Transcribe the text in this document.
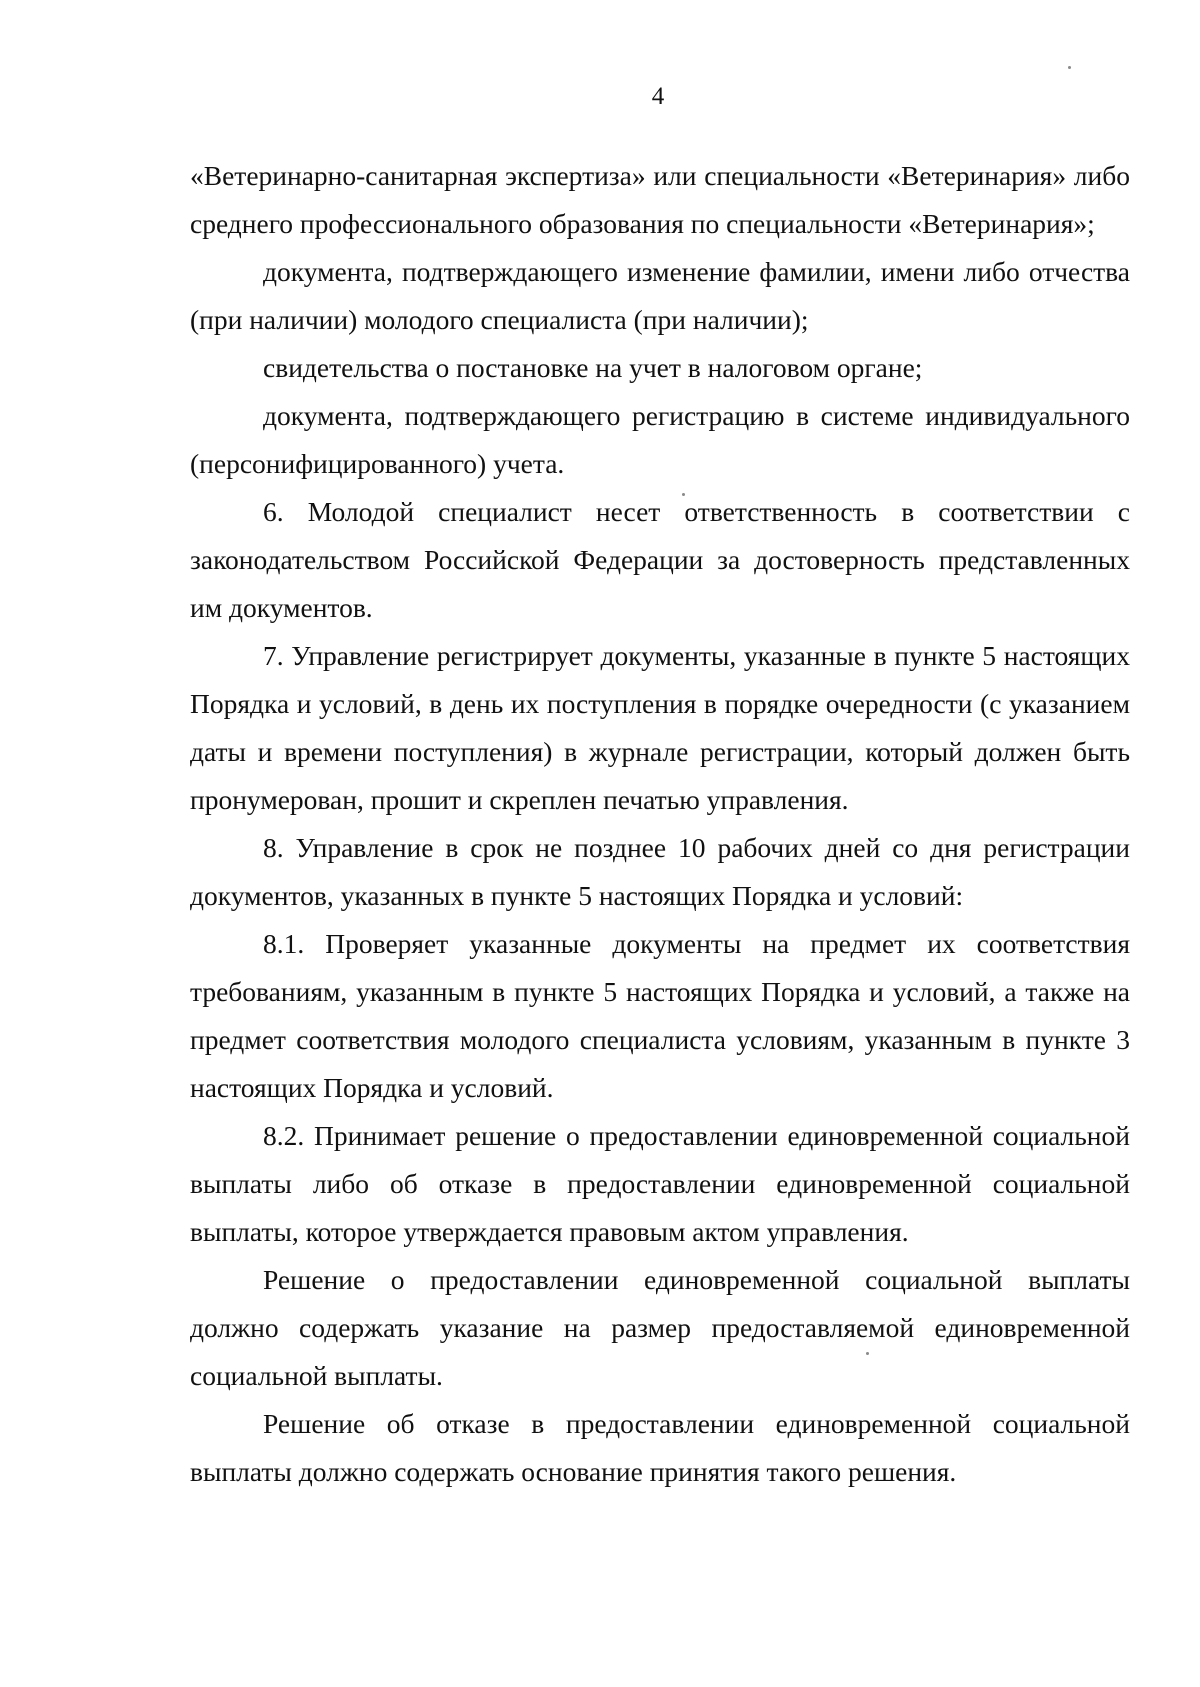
4

«Ветеринарно-санитарная экспертиза» или специальности «Ветеринария» либо среднего профессионального образования по специальности «Ветеринария»;

документа, подтверждающего изменение фамилии, имени либо отчества (при наличии) молодого специалиста (при наличии);

свидетельства о постановке на учет в налоговом органе;

документа, подтверждающего регистрацию в системе индивидуального (персонифицированного) учета.

6. Молодой специалист несет ответственность в соответствии с законодательством Российской Федерации за достоверность представленных им документов.

7. Управление регистрирует документы, указанные в пункте 5 настоящих Порядка и условий, в день их поступления в порядке очередности (с указанием даты и времени поступления) в журнале регистрации, который должен быть пронумерован, прошит и скреплен печатью управления.

8. Управление в срок не позднее 10 рабочих дней со дня регистрации документов, указанных в пункте 5 настоящих Порядка и условий:

8.1. Проверяет указанные документы на предмет их соответствия требованиям, указанным в пункте 5 настоящих Порядка и условий, а также на предмет соответствия молодого специалиста условиям, указанным в пункте 3 настоящих Порядка и условий.

8.2. Принимает решение о предоставлении единовременной социальной выплаты либо об отказе в предоставлении единовременной социальной выплаты, которое утверждается правовым актом управления.

Решение о предоставлении единовременной социальной выплаты должно содержать указание на размер предоставляемой единовременной социальной выплаты.

Решение об отказе в предоставлении единовременной социальной выплаты должно содержать основание принятия такого решения.
